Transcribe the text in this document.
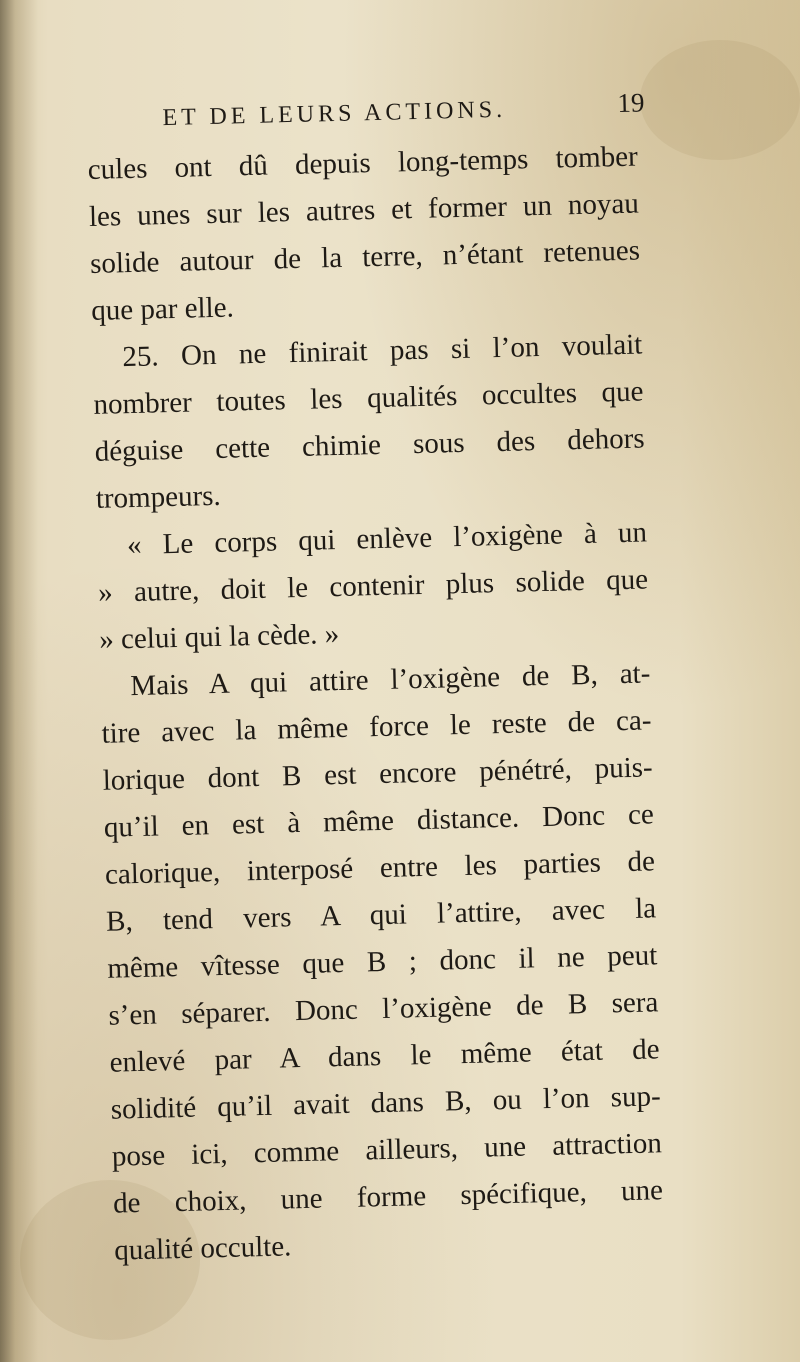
ET DE LEURS ACTIONS.	19
cules ont dû depuis long-temps tomber
les unes sur les autres et former un noyau
solide autour de la terre, n’étant retenues
que par elle.
25. On ne finirait pas si l’on voulait
nombrer toutes les qualités occultes que
déguise cette chimie sous des dehors
trompeurs.
« Le corps qui enlève l’oxigène à un
» autre, doit le contenir plus solide que
» celui qui la cède. »
Mais A qui attire l’oxigène de B, at-
tire avec la même force le reste de ca-
lorique dont B est encore pénétré, puis-
qu’il en est à même distance. Donc ce
calorique, interposé entre les parties de
B, tend vers A qui l’attire, avec la
même vîtesse que B ; donc il ne peut
s’en séparer. Donc l’oxigène de B sera
enlevé par A dans le même état de
solidité qu’il avait dans B, ou l’on sup-
pose ici, comme ailleurs, une attraction
de choix, une forme spécifique, une
qualité occulte.
